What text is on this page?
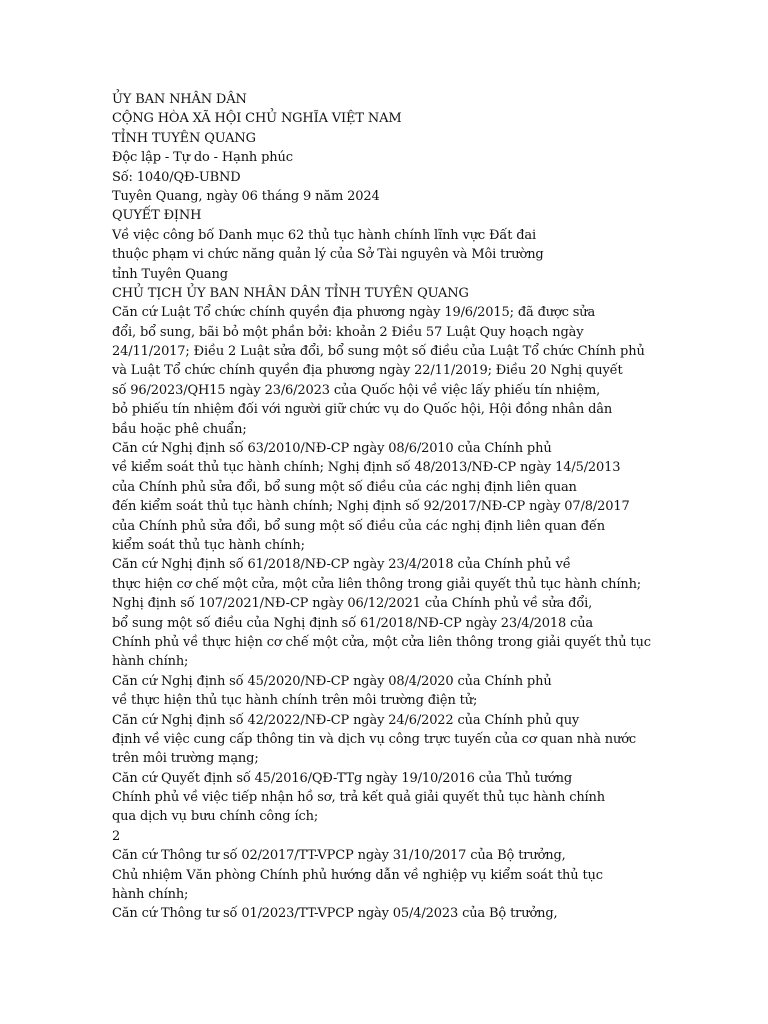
ỦY BAN NHÂN DÂN
CỘNG HÒA XÃ HỘI CHỦ NGHĨA VIỆT NAM
TỈNH TUYÊN QUANG
Độc lập - Tự do - Hạnh phúc
Số: 1040/QĐ-UBND
Tuyên Quang, ngày 06 tháng 9 năm 2024
QUYẾT ĐỊNH
Về việc công bố Danh mục 62 thủ tục hành chính lĩnh vực Đất đai
thuộc phạm vi chức năng quản lý của Sở Tài nguyên và Môi trường
tỉnh Tuyên Quang
CHỦ TỊCH ỦY BAN NHÂN DÂN TỈNH TUYÊN QUANG
Căn cứ Luật Tổ chức chính quyền địa phương ngày 19/6/2015; đã được sửa
đổi, bổ sung, bãi bỏ một phần bởi: khoản 2 Điều 57 Luật Quy hoạch ngày
24/11/2017; Điều 2 Luật sửa đổi, bổ sung một số điều của Luật Tổ chức Chính phủ
và Luật Tổ chức chính quyền địa phương ngày 22/11/2019; Điều 20 Nghị quyết
số 96/2023/QH15 ngày 23/6/2023 của Quốc hội về việc lấy phiếu tín nhiệm,
bỏ phiếu tín nhiệm đối với người giữ chức vụ do Quốc hội, Hội đồng nhân dân
bầu hoặc phê chuẩn;
Căn cứ Nghị định số 63/2010/NĐ-CP ngày 08/6/2010 của Chính phủ
về kiểm soát thủ tục hành chính; Nghị định số 48/2013/NĐ-CP ngày 14/5/2013
của Chính phủ sửa đổi, bổ sung một số điều của các nghị định liên quan
đến kiểm soát thủ tục hành chính; Nghị định số 92/2017/NĐ-CP ngày 07/8/2017
của Chính phủ sửa đổi, bổ sung một số điều của các nghị định liên quan đến
kiểm soát thủ tục hành chính;
Căn cứ Nghị định số 61/2018/NĐ-CP ngày 23/4/2018 của Chính phủ về
thực hiện cơ chế một cửa, một cửa liên thông trong giải quyết thủ tục hành chính;
Nghị định số 107/2021/NĐ-CP ngày 06/12/2021 của Chính phủ về sửa đổi,
bổ sung một số điều của Nghị định số 61/2018/NĐ-CP ngày 23/4/2018 của
Chính phủ về thực hiện cơ chế một cửa, một cửa liên thông trong giải quyết thủ tục
hành chính;
Căn cứ Nghị định số 45/2020/NĐ-CP ngày 08/4/2020 của Chính phủ
về thực hiện thủ tục hành chính trên môi trường điện tử;
Căn cứ Nghị định số 42/2022/NĐ-CP ngày 24/6/2022 của Chính phủ quy
định về việc cung cấp thông tin và dịch vụ công trực tuyến của cơ quan nhà nước
trên môi trường mạng;
Căn cứ Quyết định số 45/2016/QĐ-TTg ngày 19/10/2016 của Thủ tướng
Chính phủ về việc tiếp nhận hồ sơ, trả kết quả giải quyết thủ tục hành chính
qua dịch vụ bưu chính công ích;
2
Căn cứ Thông tư số 02/2017/TT-VPCP ngày 31/10/2017 của Bộ trưởng,
Chủ nhiệm Văn phòng Chính phủ hướng dẫn về nghiệp vụ kiểm soát thủ tục
hành chính;
Căn cứ Thông tư số 01/2023/TT-VPCP ngày 05/4/2023 của Bộ trưởng,
